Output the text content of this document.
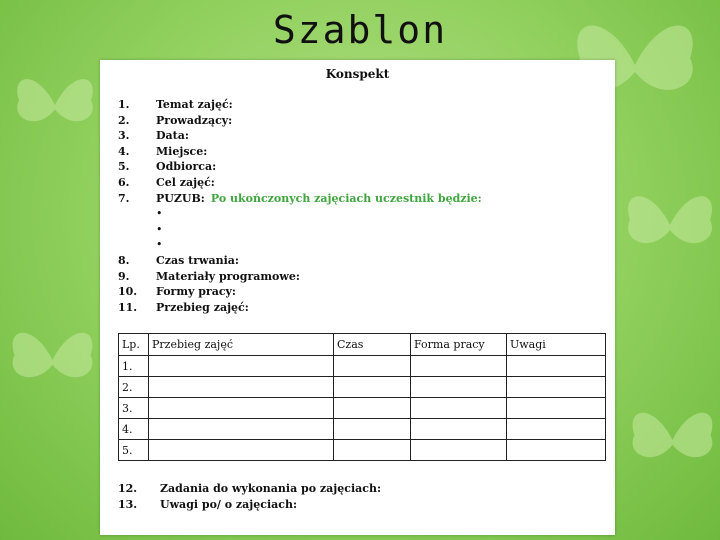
Szablon
Konspekt
1. Temat zajęć:
2. Prowadzący:
3. Data:
4. Miejsce:
5. Odbiorca:
6. Cel zajęć:
7. PUZUB: Po ukończonych zajęciach uczestnik będzie:
•
•
•
8. Czas trwania:
9. Materiały programowe:
10. Formy pracy:
11. Przebieg zajęć:
Lp.	Przebieg zajęć	Czas	Forma pracy	Uwagi
1.				
2.				
3.				
4.				
5.				
12. Zadania do wykonania po zajęciach:
13. Uwagi po/ o zajęciach:
